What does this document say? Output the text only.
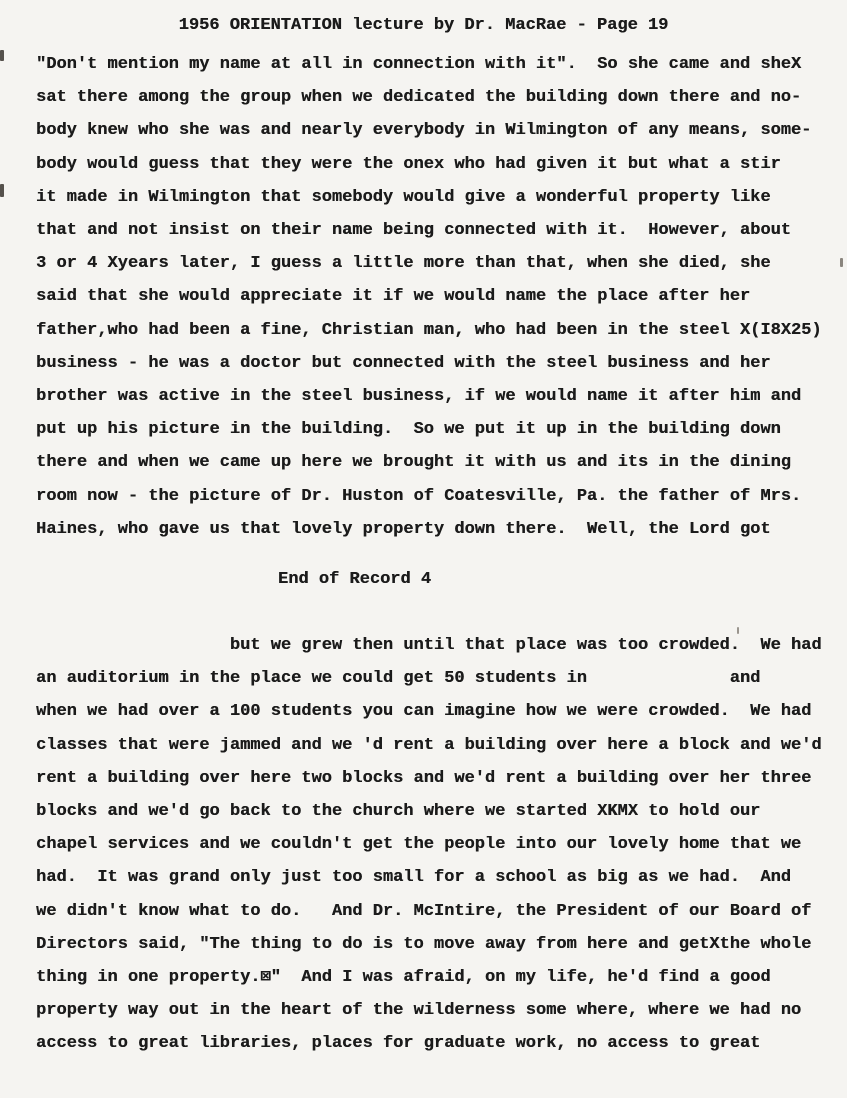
1956 ORIENTATION lecture by Dr. MacRae - Page 19
"Don't mention my name at all in connection with it".  So she came and sheX
sat there among the group when we dedicated the building down there and no-
body knew who she was and nearly everybody in Wilmington of any means, some-
body would guess that they were the onex who had given it but what a stir
it made in Wilmington that somebody would give a wonderful property like
that and not insist on their name being connected with it.  However, about
3 or 4 Xyears later, I guess a little more than that, when she died, she
said that she would appreciate it if we would name the place after her
father,who had been a fine, Christian man, who had been in the steel X(I8X25)
business - he was a doctor but connected with the steel business and her
brother was active in the steel business, if we would name it after him and
put up his picture in the building.  So we put it up in the building down
there and when we came up here we brought it with us and its in the dining
room now - the picture of Dr. Huston of Coatesville, Pa. the father of Mrs.
Haines, who gave us that lovely property down there.  Well, the Lord got
End of Record 4
but we grew then until that place was too crowded.  We had
an auditorium in the place we could get 50 students in              and
when we had over a 100 students you can imagine how we were crowded.  We had
classes that were jammed and we 'd rent a building over here a block and we'd
rent a building over here two blocks and we'd rent a building over her three
blocks and we'd go back to the church where we started XKMX to hold our
chapel services and we couldn't get the people into our lovely home that we
had.  It was grand only just too small for a school as big as we had.  And
we didn't know what to do.   And Dr. McIntire, the President of our Board of
Directors said, "The thing to do is to move away from here and getXthe whole
thing in one property.⊠"  And I was afraid, on my life, he'd find a good
property way out in the heart of the wilderness some where, where we had no
access to great libraries, places for graduate work, no access to great
